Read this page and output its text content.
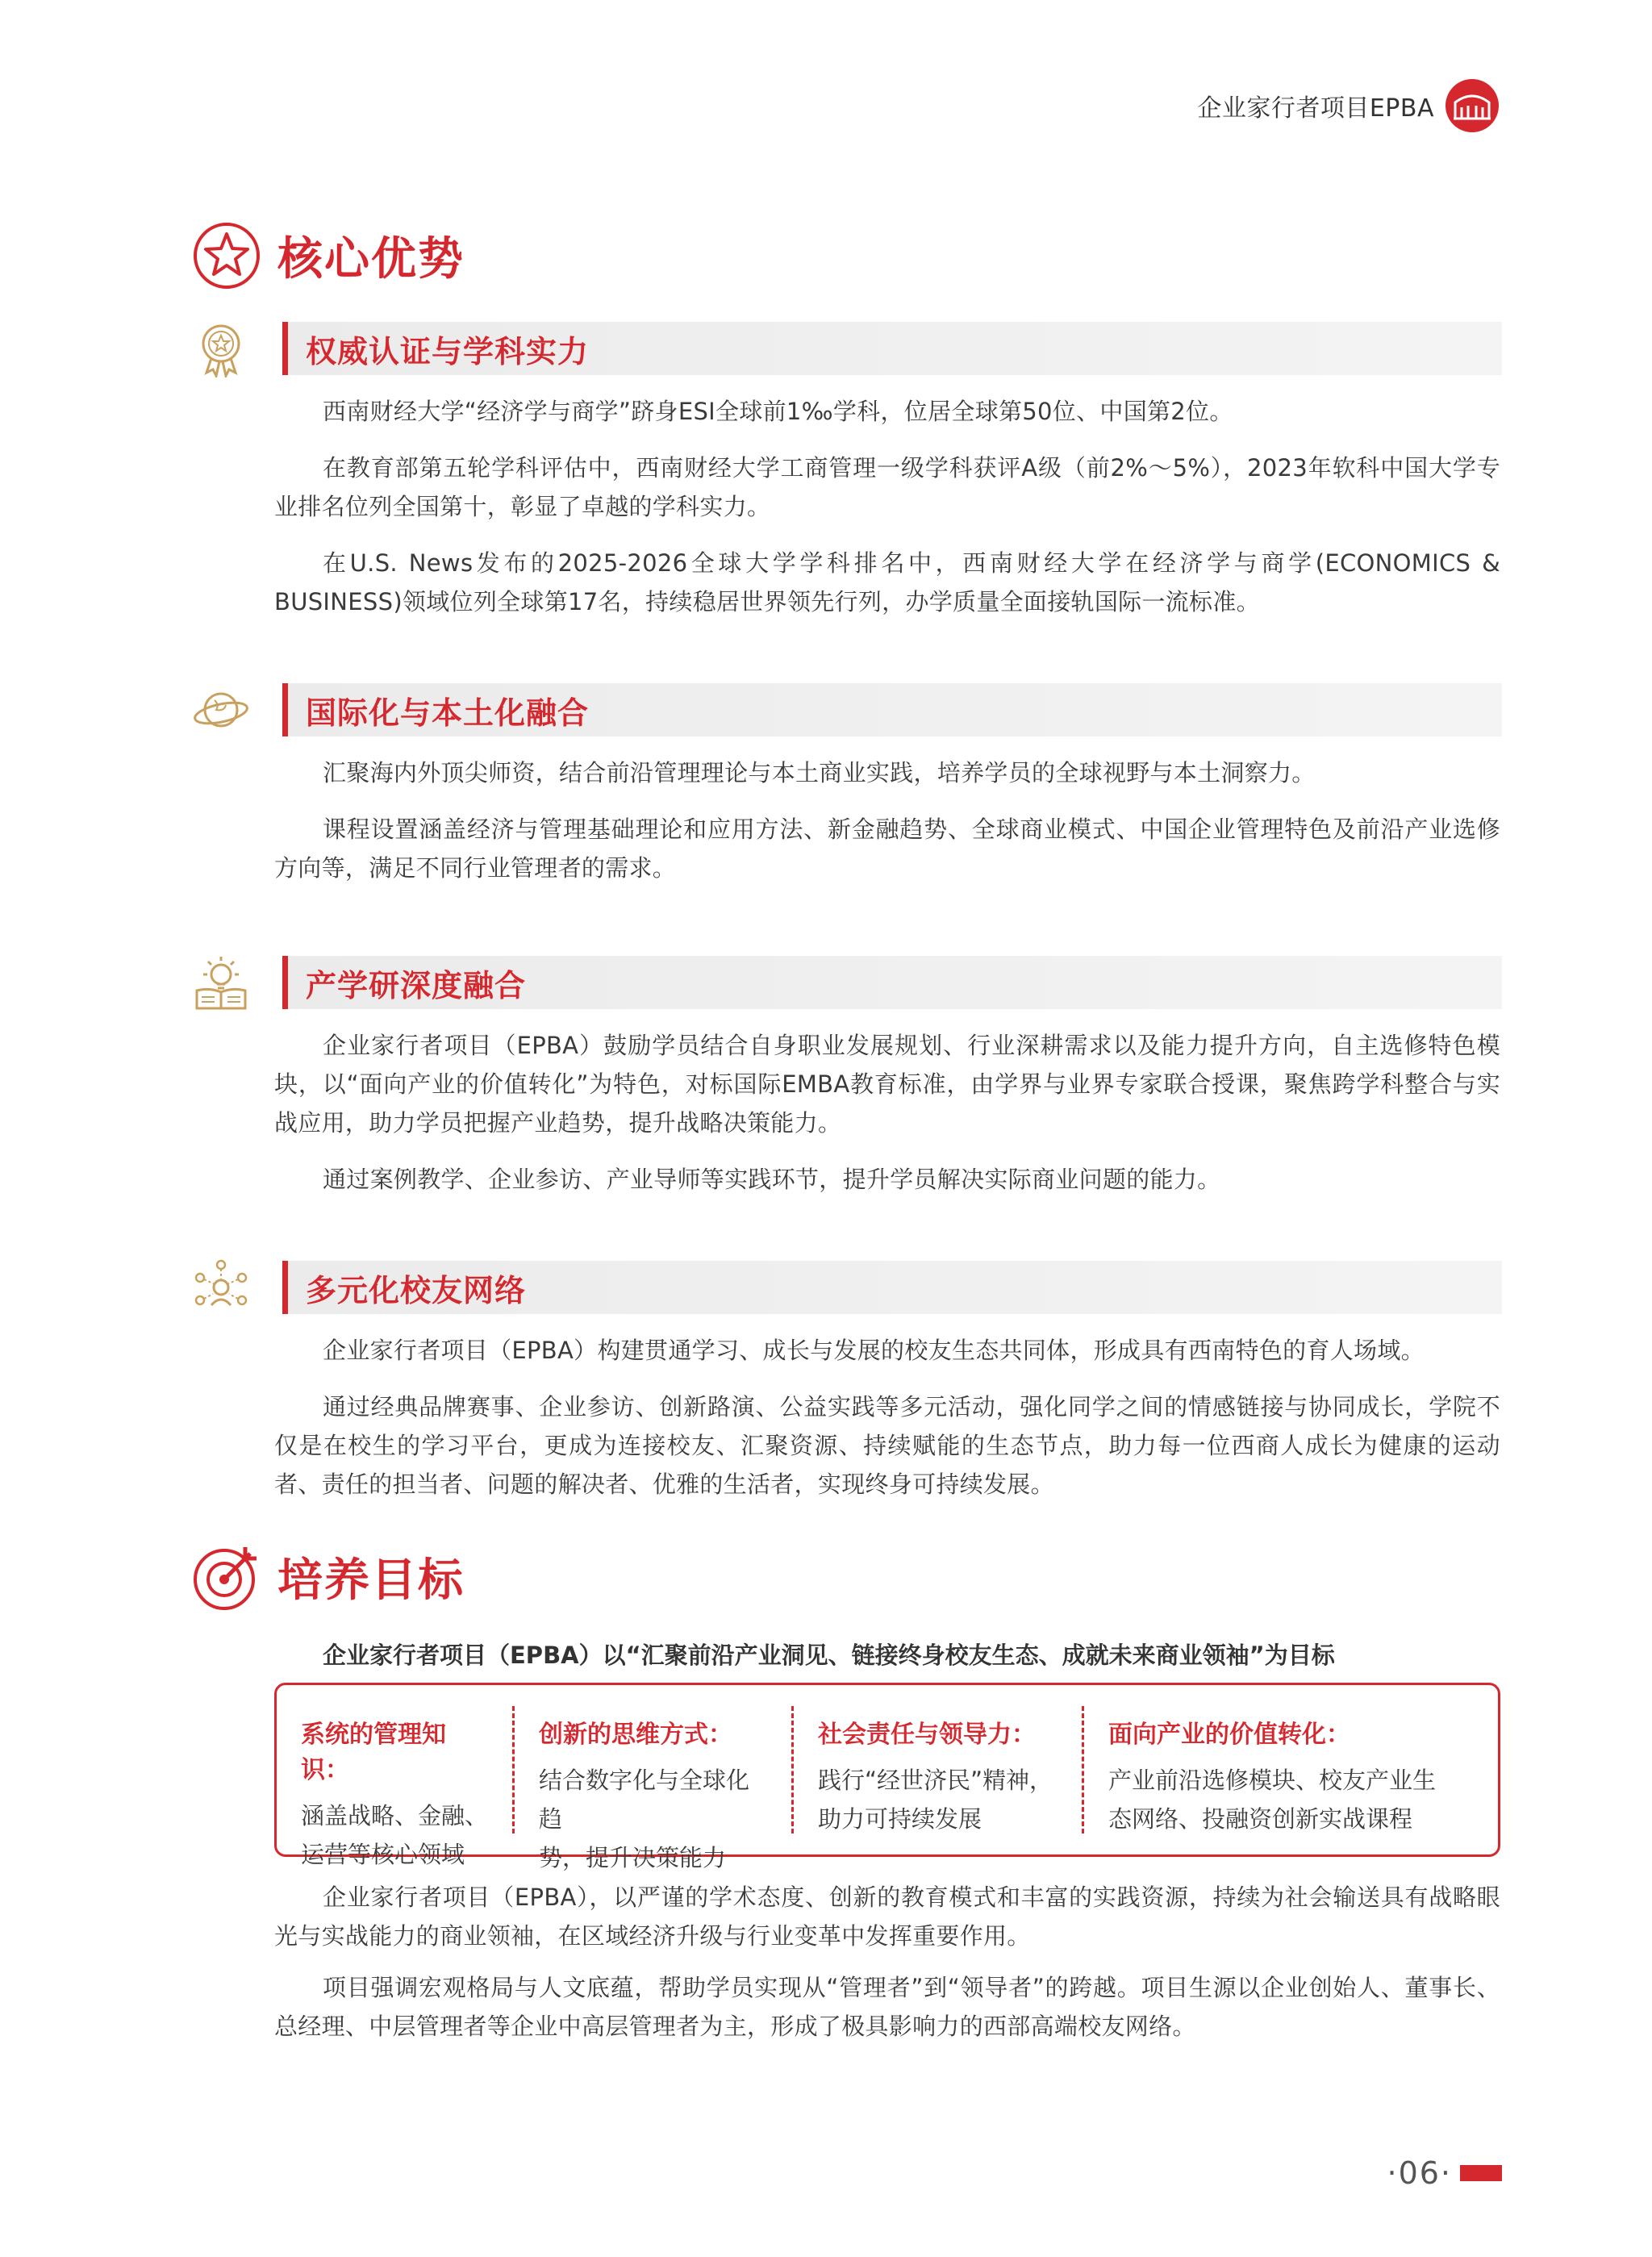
企业家行者项目EPBA
核心优势
权威认证与学科实力

西南财经大学“经济学与商学”跻身ESI全球前1‰学科，位居全球第50位、中国第2位。

在教育部第五轮学科评估中，西南财经大学工商管理一级学科获评A级（前2%～5%），2023年软科中国大学专业排名位列全国第十，彰显了卓越的学科实力。

在U.S. News发布的2025-2026全球大学学科排名中，西南财经大学在经济学与商学(ECONOMICS & BUSINESS)领域位列全球第17名，持续稳居世界领先行列，办学质量全面接轨国际一流标准。

国际化与本土化融合

汇聚海内外顶尖师资，结合前沿管理理论与本土商业实践，培养学员的全球视野与本土洞察力。

课程设置涵盖经济与管理基础理论和应用方法、新金融趋势、全球商业模式、中国企业管理特色及前沿产业选修方向等，满足不同行业管理者的需求。

产学研深度融合

企业家行者项目（EPBA）鼓励学员结合自身职业发展规划、行业深耕需求以及能力提升方向，自主选修特色模块，以“面向产业的价值转化”为特色，对标国际EMBA教育标准，由学界与业界专家联合授课，聚焦跨学科整合与实战应用，助力学员把握产业趋势，提升战略决策能力。

通过案例教学、企业参访、产业导师等实践环节，提升学员解决实际商业问题的能力。

多元化校友网络

企业家行者项目（EPBA）构建贯通学习、成长与发展的校友生态共同体，形成具有西南特色的育人场域。

通过经典品牌赛事、企业参访、创新路演、公益实践等多元活动，强化同学之间的情感链接与协同成长，学院不仅是在校生的学习平台，更成为连接校友、汇聚资源、持续赋能的生态节点，助力每一位西商人成长为健康的运动者、责任的担当者、问题的解决者、优雅的生活者，实现终身可持续发展。

培养目标

企业家行者项目（EPBA）以“汇聚前沿产业洞见、链接终身校友生态、成就未来商业领袖”为目标

系统的管理知识：

涵盖战略、金融、

运营等核心领域

创新的思维方式：

结合数字化与全球化趋

势，提升决策能力

社会责任与领导力：

践行“经世济民”精神，

助力可持续发展

面向产业的价值转化：

产业前沿选修模块、校友产业生

态网络、投融资创新实战课程

企业家行者项目（EPBA），以严谨的学术态度、创新的教育模式和丰富的实践资源，持续为社会输送具有战略眼光与实战能力的商业领袖，在区域经济升级与行业变革中发挥重要作用。

项目强调宏观格局与人文底蕴，帮助学员实现从“管理者”到“领导者”的跨越。项目生源以企业创始人、董事长、总经理、中层管理者等企业中高层管理者为主，形成了极具影响力的西部高端校友网络。

·06·
